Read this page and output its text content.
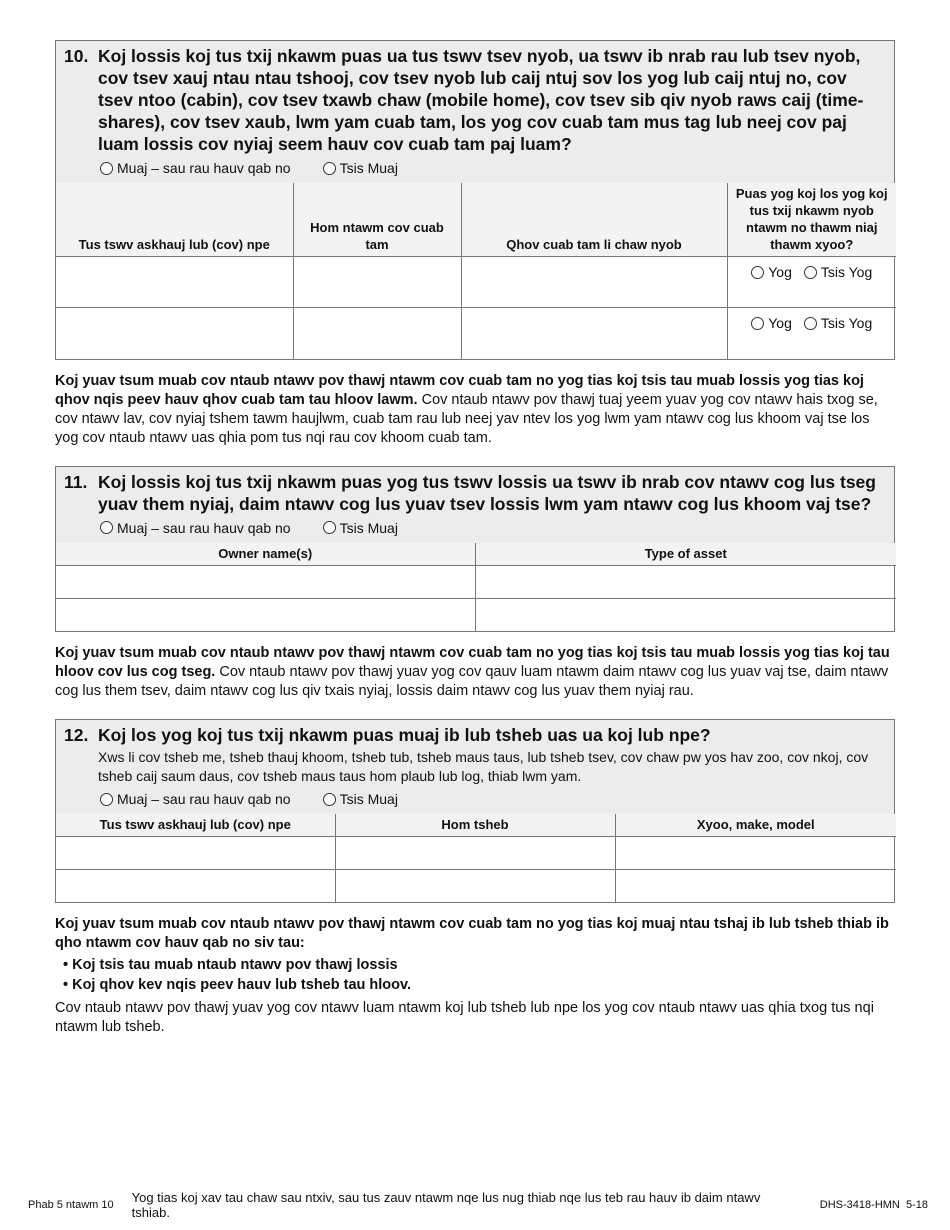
10. Koj lossis koj tus txij nkawm puas ua tus tswv tsev nyob, ua tswv ib nrab rau lub tsev nyob, cov tsev xauj ntau ntau tshooj, cov tsev nyob lub caij ntuj sov los yog lub caij ntuj no, cov tsev ntoo (cabin), cov tsev txawb chaw (mobile home), cov tsev sib qiv nyob raws caij (time-shares), cov tsev xaub, lwm yam cuab tam, los yog cov cuab tam mus tag lub neej cov paj luam lossis cov nyiaj seem hauv cov cuab tam paj luam?
Muaj – sau rau hauv qab no	Tsis Muaj
Tus tswv askhauj lub (cov) npe	Hom ntawm cov cuab tam	Qhov cuab tam li chaw nyob	Puas yog koj los yog koj tus txij nkawm nyob ntawm no thawm niaj thawm xyoo?

			Yog Tsis Yog

			Yog Tsis Yog

Koj yuav tsum muab cov ntaub ntawv pov thawj ntawm cov cuab tam no yog tias koj tsis tau muab lossis yog tias koj qhov nqis peev hauv qhov cuab tam tau hloov lawm. Cov ntaub ntawv pov thawj tuaj yeem yuav yog cov ntawv hais txog se, cov ntawv lav, cov nyiaj tshem tawm haujlwm, cuab tam rau lub neej yav ntev los yog lwm yam ntawv cog lus khoom vaj tse los yog cov ntaub ntawv uas qhia pom tus nqi rau cov khoom cuab tam.

11. Koj lossis koj tus txij nkawm puas yog tus tswv lossis ua tswv ib nrab cov ntawv cog lus tseg yuav them nyiaj, daim ntawv cog lus yuav tsev lossis lwm yam ntawv cog lus khoom vaj tse?
Muaj – sau rau hauv qab no	Tsis Muaj
Owner name(s)	Type of asset

Koj yuav tsum muab cov ntaub ntawv pov thawj ntawm cov cuab tam no yog tias koj tsis tau muab lossis yog tias koj tau hloov cov lus cog tseg. Cov ntaub ntawv pov thawj yuav yog cov qauv luam ntawm daim ntawv cog lus yuav vaj tse, daim ntawv cog lus them tsev, daim ntawv cog lus qiv txais nyiaj, lossis daim ntawv cog lus yuav them nyiaj rau.

12. Koj los yog koj tus txij nkawm puas muaj ib lub tsheb uas ua koj lub npe?
Xws li cov tsheb me, tsheb thauj khoom, tsheb tub, tsheb maus taus, lub tsheb tsev, cov chaw pw yos hav zoo, cov nkoj, cov tsheb caij saum daus, cov tsheb maus taus hom plaub lub log, thiab lwm yam.
Muaj – sau rau hauv qab no	Tsis Muaj
Tus tswv askhauj lub (cov) npe	Hom tsheb	Xyoo, make, model

Koj yuav tsum muab cov ntaub ntawv pov thawj ntawm cov cuab tam no yog tias koj muaj ntau tshaj ib lub tsheb thiab ib qho ntawm cov hauv qab no siv tau:

• Koj tsis tau muab ntaub ntawv pov thawj lossis
• Koj qhov kev nqis peev hauv lub tsheb tau hloov.

Cov ntaub ntawv pov thawj yuav yog cov ntawv luam ntawm koj lub tsheb lub npe los yog cov ntaub ntawv uas qhia txog tus nqi ntawm lub tsheb.

Phab 5 ntawm 10 Yog tias koj xav tau chaw sau ntxiv, sau tus zauv ntawm nqe lus nug thiab nqe lus teb rau hauv ib daim ntawv tshiab.	DHS-3418-HMN  5-18
